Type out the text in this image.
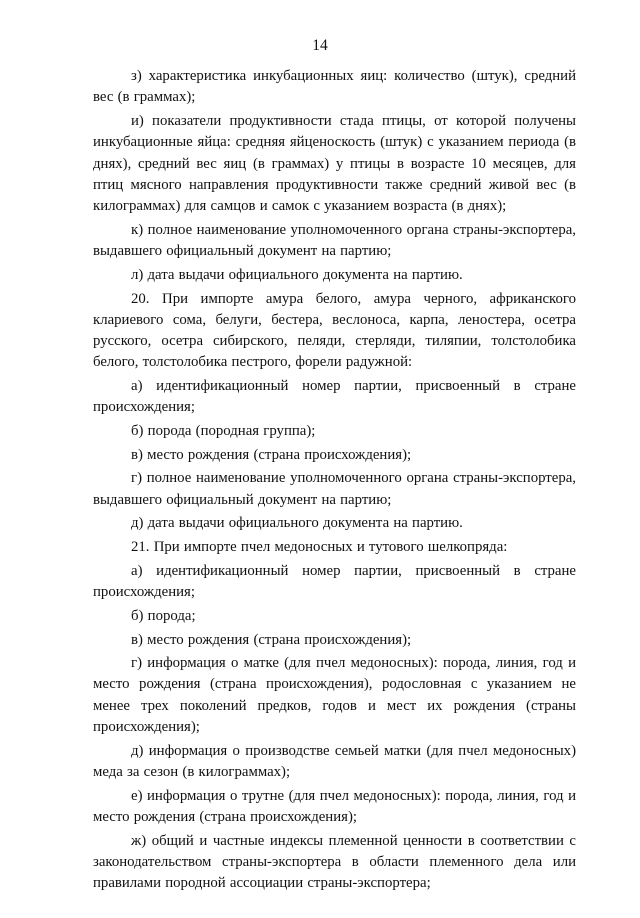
14

з) характеристика инкубационных яиц: количество (штук), средний вес (в граммах);

и) показатели продуктивности стада птицы, от которой получены инкубационные яйца: средняя яйценоскость (штук) с указанием периода (в днях), средний вес яиц (в граммах) у птицы в возрасте 10 месяцев, для птиц мясного направления продуктивности также средний живой вес (в килограммах) для самцов и самок с указанием возраста (в днях);

к) полное наименование уполномоченного органа страны-экспортера, выдавшего официальный документ на партию;

л) дата выдачи официального документа на партию.

20. При импорте амура белого, амура черного, африканского клариевого сома, белуги, бестера, веслоноса, карпа, леностера, осетра русского, осетра сибирского, пеляди, стерляди, тиляпии, толстолобика белого, толстолобика пестрого, форели радужной:

а) идентификационный номер партии, присвоенный в стране происхождения;

б) порода (породная группа);

в) место рождения (страна происхождения);

г) полное наименование уполномоченного органа страны-экспортера, выдавшего официальный документ на партию;

д) дата выдачи официального документа на партию.

21. При импорте пчел медоносных и тутового шелкопряда:

а) идентификационный номер партии, присвоенный в стране происхождения;

б) порода;

в) место рождения (страна происхождения);

г) информация о матке (для пчел медоносных): порода, линия, год и место рождения (страна происхождения), родословная с указанием не менее трех поколений предков, годов и мест их рождения (страны происхождения);

д) информация о производстве семьей матки (для пчел медоносных) меда за сезон (в килограммах);

е) информация о трутне (для пчел медоносных): порода, линия, год и место рождения (страна происхождения);

ж) общий и частные индексы племенной ценности в соответствии с законодательством страны-экспортера в области племенного дела или правилами породной ассоциации страны-экспортера;
